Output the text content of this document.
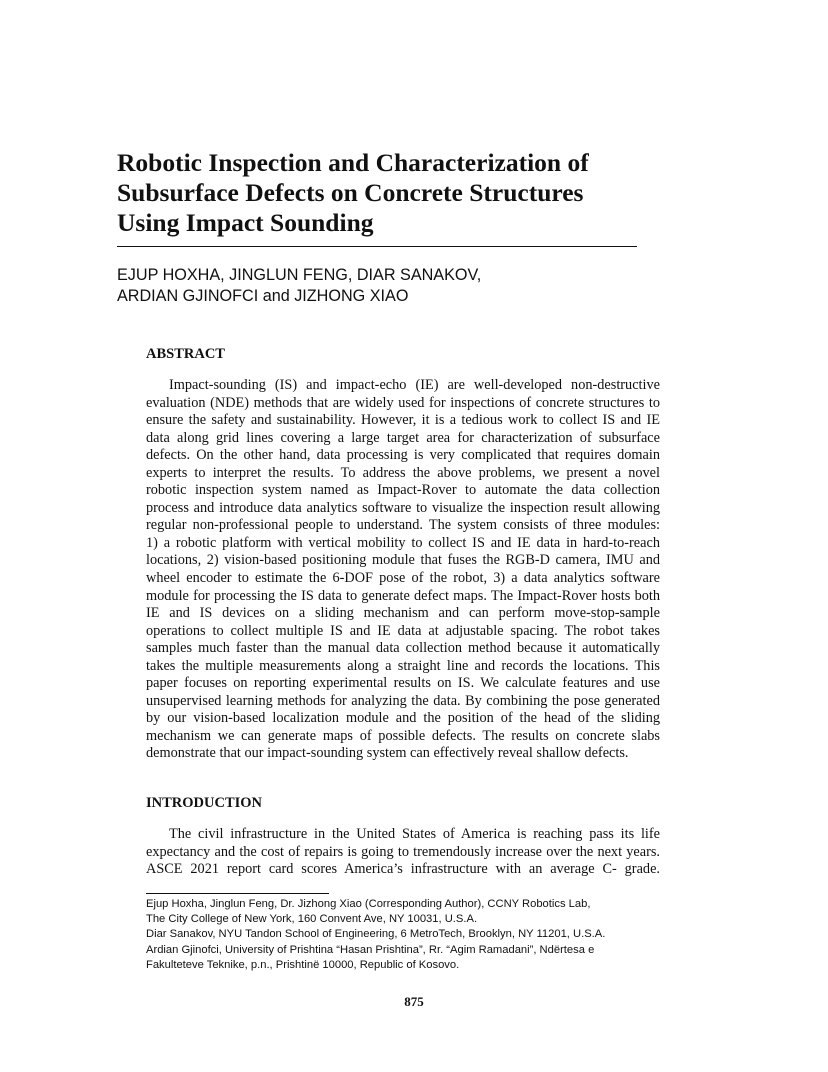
Robotic Inspection and Characterization of
Subsurface Defects on Concrete Structures
Using Impact Sounding
EJUP HOXHA, JINGLUN FENG, DIAR SANAKOV,
ARDIAN GJINOFCI and JIZHONG XIAO
ABSTRACT
Impact-sounding (IS) and impact-echo (IE) are well-developed non-destructive
evaluation (NDE) methods that are widely used for inspections of concrete structures to
ensure the safety and sustainability. However, it is a tedious work to collect IS and IE
data along grid lines covering a large target area for characterization of subsurface
defects. On the other hand, data processing is very complicated that requires domain
experts to interpret the results. To address the above problems, we present a novel
robotic inspection system named as Impact-Rover to automate the data collection
process and introduce data analytics software to visualize the inspection result allowing
regular non-professional people to understand. The system consists of three modules:
1) a robotic platform with vertical mobility to collect IS and IE data in hard-to-reach
locations, 2) vision-based positioning module that fuses the RGB-D camera, IMU and
wheel encoder to estimate the 6-DOF pose of the robot, 3) a data analytics software
module for processing the IS data to generate defect maps. The Impact-Rover hosts both
IE and IS devices on a sliding mechanism and can perform move-stop-sample
operations to collect multiple IS and IE data at adjustable spacing. The robot takes
samples much faster than the manual data collection method because it automatically
takes the multiple measurements along a straight line and records the locations. This
paper focuses on reporting experimental results on IS. We calculate features and use
unsupervised learning methods for analyzing the data. By combining the pose generated
by our vision-based localization module and the position of the head of the sliding
mechanism we can generate maps of possible defects. The results on concrete slabs
demonstrate that our impact-sounding system can effectively reveal shallow defects.
INTRODUCTION
The civil infrastructure in the United States of America is reaching pass its life
expectancy and the cost of repairs is going to tremendously increase over the next years.
ASCE 2021 report card scores America’s infrastructure with an average C- grade.
Ejup Hoxha, Jinglun Feng, Dr. Jizhong Xiao (Corresponding Author), CCNY Robotics Lab,
The City College of New York, 160 Convent Ave, NY 10031, U.S.A.
Diar Sanakov, NYU Tandon School of Engineering, 6 MetroTech, Brooklyn, NY 11201, U.S.A.
Ardian Gjinofci, University of Prishtina “Hasan Prishtina”, Rr. “Agim Ramadani”, Ndërtesa e
Fakulteteve Teknike, p.n., Prishtinë 10000, Republic of Kosovo.
875
